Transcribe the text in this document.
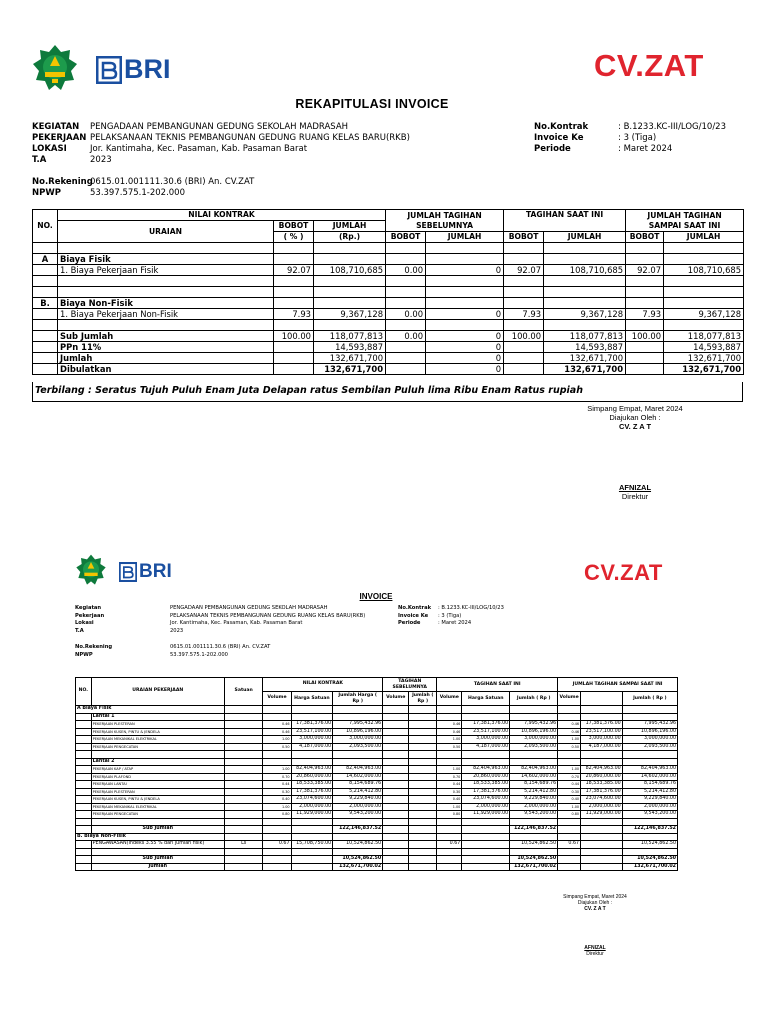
BRI	CV.ZAT
REKAPITULASI INVOICE
KEGIATAN	PENGADAAN PEMBANGUNAN GEDUNG SEKOLAH MADRASAH
PEKERJAAN PELAKSANAAN TEKNIS PEMBANGUNAN GEDUNG RUANG KELAS BARU(RKB)
LOKASI	Jor. Kantimaha, Kec. Pasaman, Kab. Pasaman Barat
T.A	2023
No.Rekening
0615.01.001111.30.6 (BRI) An. CV.ZAT
NPWP	53.397.575.1-202.000
No.Kontrak	: B.1233.KC-III/LOG/10/23
Invoice Ke	: 3 (Tiga)
Periode	: Maret 2024
NO.	NILAI KONTRAK			JUMLAH TAGIHAN SEBELUMNYA		TAGIHAN SAAT INI		JUMLAH TAGIHAN
SAMPAI SAAT INI	
	URAIAN	BOBOT	JUMLAH						
		( % )	(Rp.)	BOBOT	JUMLAH	BOBOT	JUMLAH	BOBOT	JUMLAH

A	Biaya Fisik								
	1. Biaya Pekerjaan Fisik	92.07	108,710,685	0.00	0	92.07	108,710,685	92.07	108,710,685

B.	Biaya Non-Fisik								
	1. Biaya Pekerjaan Non-Fisik	7.93	9,367,128	0.00	0	7.93	9,367,128	7.93	9,367,128

	Sub Jumlah	100.00	118,077,813	0.00	0	100.00	118,077,813	100.00	118,077,813
	PPn 11%		14,593,887		0		14,593,887		14,593,887
	Jumlah		132,671,700		0		132,671,700		132,671,700
	Dibulatkan		132,671,700		0		132,671,700		132,671,700
Terbilang : Seratus Tujuh Puluh Enam Juta Delapan ratus Sembilan Puluh lima Ribu Enam Ratus rupiah
Simpang Empat, Maret 2024
Diajukan Oleh :
CV. Z A T
AFNIZAL
Direktur
BRI	CV.ZAT
INVOICE
Kegiatan	PENGADAAN PEMBANGUNAN GEDUNG SEKOLAH MADRASAH
Pekerjaan	PELAKSANAAN TEKNIS PEMBANGUNAN GEDUNG RUANG KELAS BARU(RKB)
Lokasi	Jor. Kantimaha, Kec. Pasaman, Kab. Pasaman Barat
T.A	2023
No.Rekening	0615.01.001111.30.6 (BRI) An. CV.ZAT
NPWP	53.397.575.1-202.000
No.Kontrak	: B.1233.KC-III/LOG/10/23
Invoice Ke	: 3 (Tiga)
Periode	: Maret 2024
NO.	URAIAN PEKERJAAN	Satuan	NILAI KONTRAK			TAGIHAN SEBELUMNYA		TAGIHAN SAAT INI			JUMLAH TAGIHAN SAMPAI SAAT INI		
			Volume	Harga Satuan	Jumlah Harga ( Rp )	Volume	Jumlah ( Rp )	Volume	Harga Satuan	Jumlah ( Rp )	Volume		Jumlah ( Rp )
A Biaya Fisik													
	Lantai 1												
	PEKERJAAN PLESTERAN		0.46	17,381,376.00	7,995,432.96			0.46	17,381,376.00	7,995,432.96	0.46	17,381,376.00	7,995,432.96
	PEKERJAAN KUSEN, PINTU & JENDELA		0.46	23,517,100.00	10,896,196.00			0.46	23,517,100.00	10,896,196.00	0.46	23,517,100.00	10,896,196.00
	PEKERJAAN MEKANIKAL ELEKTRIKAL		1.00	3,000,000.00	3,000,000.00			1.00	3,000,000.00	3,000,000.00	1.00	3,000,000.00	3,000,000.00
	PEKERJAAN PENGECATAN		0.50	4,187,000.00	2,093,500.00			0.50	4,187,000.00	2,093,500.00	0.50	4,187,000.00	2,093,500.00

	Lantai 2												
	PEKERJAAN KAP / ATAP		1.00	82,404,963.00	82,404,963.00			1.00	82,404,963.00	82,404,963.00	1.00	82,404,963.00	82,404,963.00
	PEKERJAAN PLAFOND		0.70	20,860,000.00	14,602,000.00			0.70	20,860,000.00	14,602,000.00	0.70	20,860,000.00	14,602,000.00
	PEKERJAAN LANTAI		0.44	18,533,385.00	8,154,689.76			0.44	18,533,385.00	8,154,689.76	0.44	18,533,385.00	8,154,689.76
	PEKERJAAN PLESTERAN		0.30	17,381,376.00	5,214,412.80			0.30	17,381,376.00	5,214,412.80	0.30	17,381,376.00	5,214,412.80
	PEKERJAAN KUSEN, PINTU & JENDELA		0.40	23,074,600.00	9,229,840.00			0.40	23,074,600.00	9,229,840.00	0.40	23,074,600.00	9,229,840.00
	PEKERJAAN MEKANIKAL ELEKTRIKAL		1.00	2,000,000.00	2,000,000.00			1.00	2,000,000.00	2,000,000.00	1.00	2,000,000.00	2,000,000.00
	PEKERJAAN PENGECATAN		0.80	11,929,000.00	9,543,200.00			0.80	11,929,000.00	9,543,200.00	0.80	11,929,000.00	9,543,200.00

	Sub Jumlah				122,146,837.52					122,146,837.52			122,146,837.52
B. Biaya Non-Fisik													
	PENGAWASAN(Indeks 3.55 % dari jumlah fisik)	Ls	0.67	15,708,750.00	10,524,862.50			0.67		10,524,862.50	0.67		10,524,862.50

	Sub Jumlah				10,524,862.50					10,524,862.50			10,524,862.50
	Jumlah				132,671,700.02					132,671,700.02			132,671,700.02
Simpang Empat, Maret 2024
Diajukan Oleh :
CV. Z A T
AFNIZAL
Direktur
